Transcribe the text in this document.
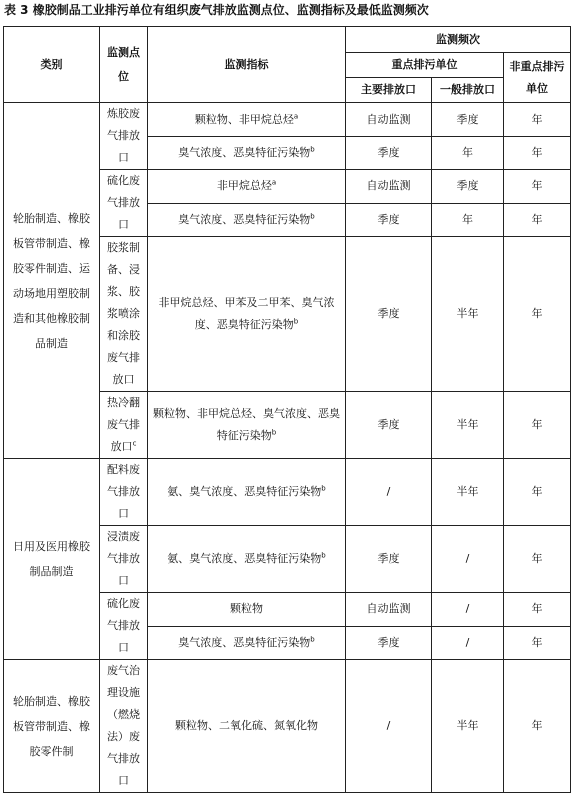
表 3 橡胶制品工业排污单位有组织废气排放监测点位、监测指标及最低监测频次
类别	监测点位	监测指标	监测频次		
			重点排污单位		非重点排污单位
			主要排放口	一般排放口	
轮胎制造、橡胶板管带制造、橡胶零件制造、运动场地用塑胶制造和其他橡胶制品制造	炼胶废气排放口	颗粒物、非甲烷总烃$^a$	自动监测	季度	年
		臭气浓度、恶臭特征污染物$^b$	季度	年	年
	硫化废气排放口	非甲烷总烃$^a$	自动监测	季度	年
		臭气浓度、恶臭特征污染物$^b$	季度	年	年
	胶浆制备、浸浆、胶浆喷涂和涂胶废气排放口	非甲烷总烃、甲苯及二甲苯、臭气浓度、恶臭特征污染物$^b$	季度	半年	年
	热冷翻废气排放口$^c$	颗粒物、非甲烷总烃、臭气浓度、恶臭特征污染物$^b$	季度	半年	年
日用及医用橡胶制品制造	配料废气排放口	氨、臭气浓度、恶臭特征污染物$^b$	/	半年	年
	浸渍废气排放口	氨、臭气浓度、恶臭特征污染物$^b$	季度	/	年
	硫化废气排放口	颗粒物	自动监测	/	年
		臭气浓度、恶臭特征污染物$^b$	季度	/	年
轮胎制造、橡胶板管带制造、橡胶零件制	废气治理设施（燃烧法）废气排放口	颗粒物、二氧化硫、氮氧化物	/	半年	年
